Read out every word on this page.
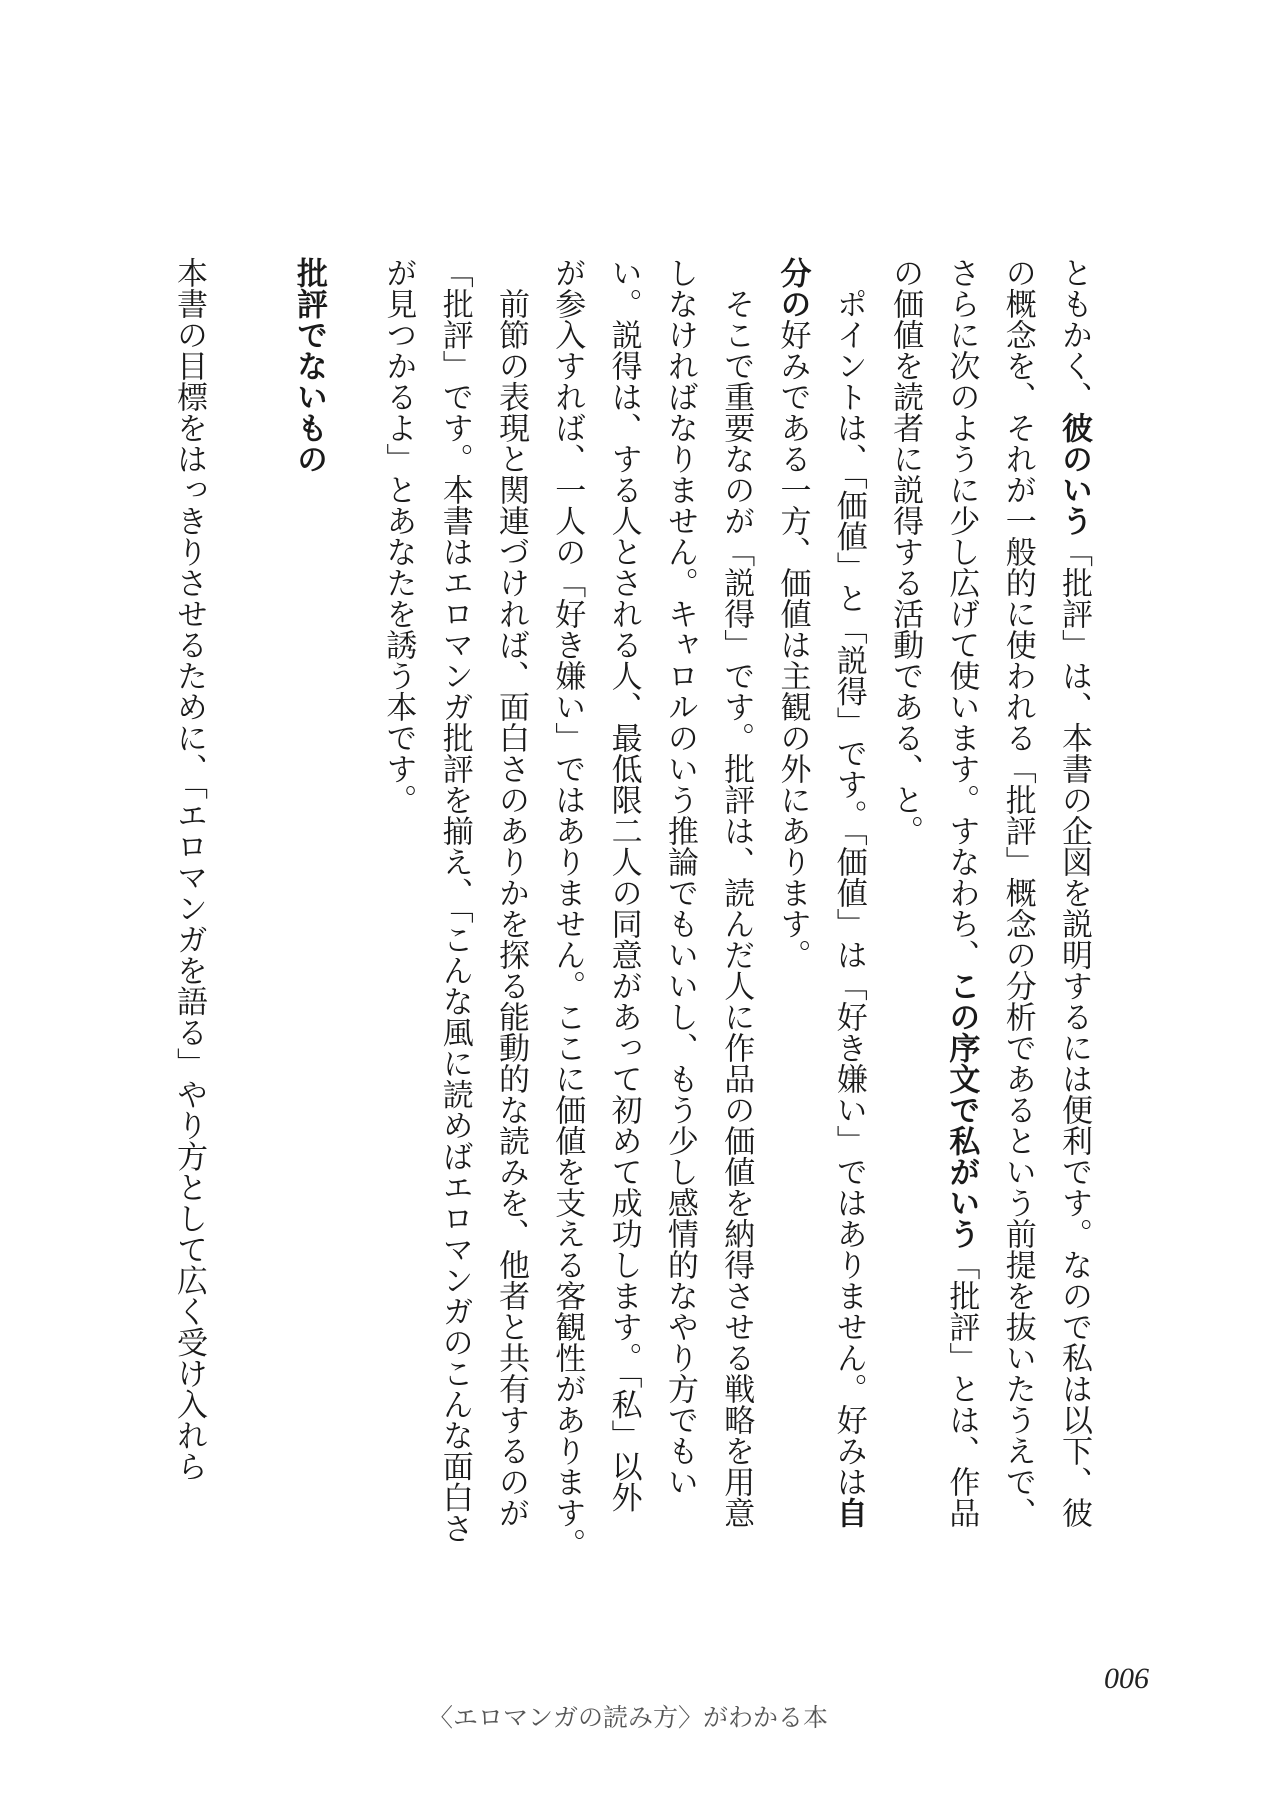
ともかく、彼のいう「批評」は、本書の企図を説明するには便利です。なので私は以下、彼
の概念を、それが一般的に使われる「批評」概念の分析であるという前提を抜いたうえで、
さらに次のように少し広げて使います。すなわち、この序文で私がいう「批評」とは、作品
の価値を読者に説得する活動である、と。
　ポイントは、「価値」と「説得」です。「価値」は「好き嫌い」ではありません。好みは自
分の好みである一方、価値は主観の外にあります。
　そこで重要なのが「説得」です。批評は、読んだ人に作品の価値を納得させる戦略を用意
しなければなりません。キャロルのいう推論でもいいし、もう少し感情的なやり方でもい
い。説得は、する人とされる人、最低限二人の同意があって初めて成功します。「私」以外
が参入すれば、一人の「好き嫌い」ではありません。ここに価値を支える客観性があります。
　前節の表現と関連づければ、面白さのありかを探る能動的な読みを、他者と共有するのが
「批評」です。本書はエロマンガ批評を揃え、「こんな風に読めばエロマンガのこんな面白さ
が見つかるよ」とあなたを誘う本です。
批評でないもの
本書の目標をはっきりさせるために、「エロマンガを語る」やり方として広く受け入れら
006
〈エロマンガの読み方〉がわかる本
